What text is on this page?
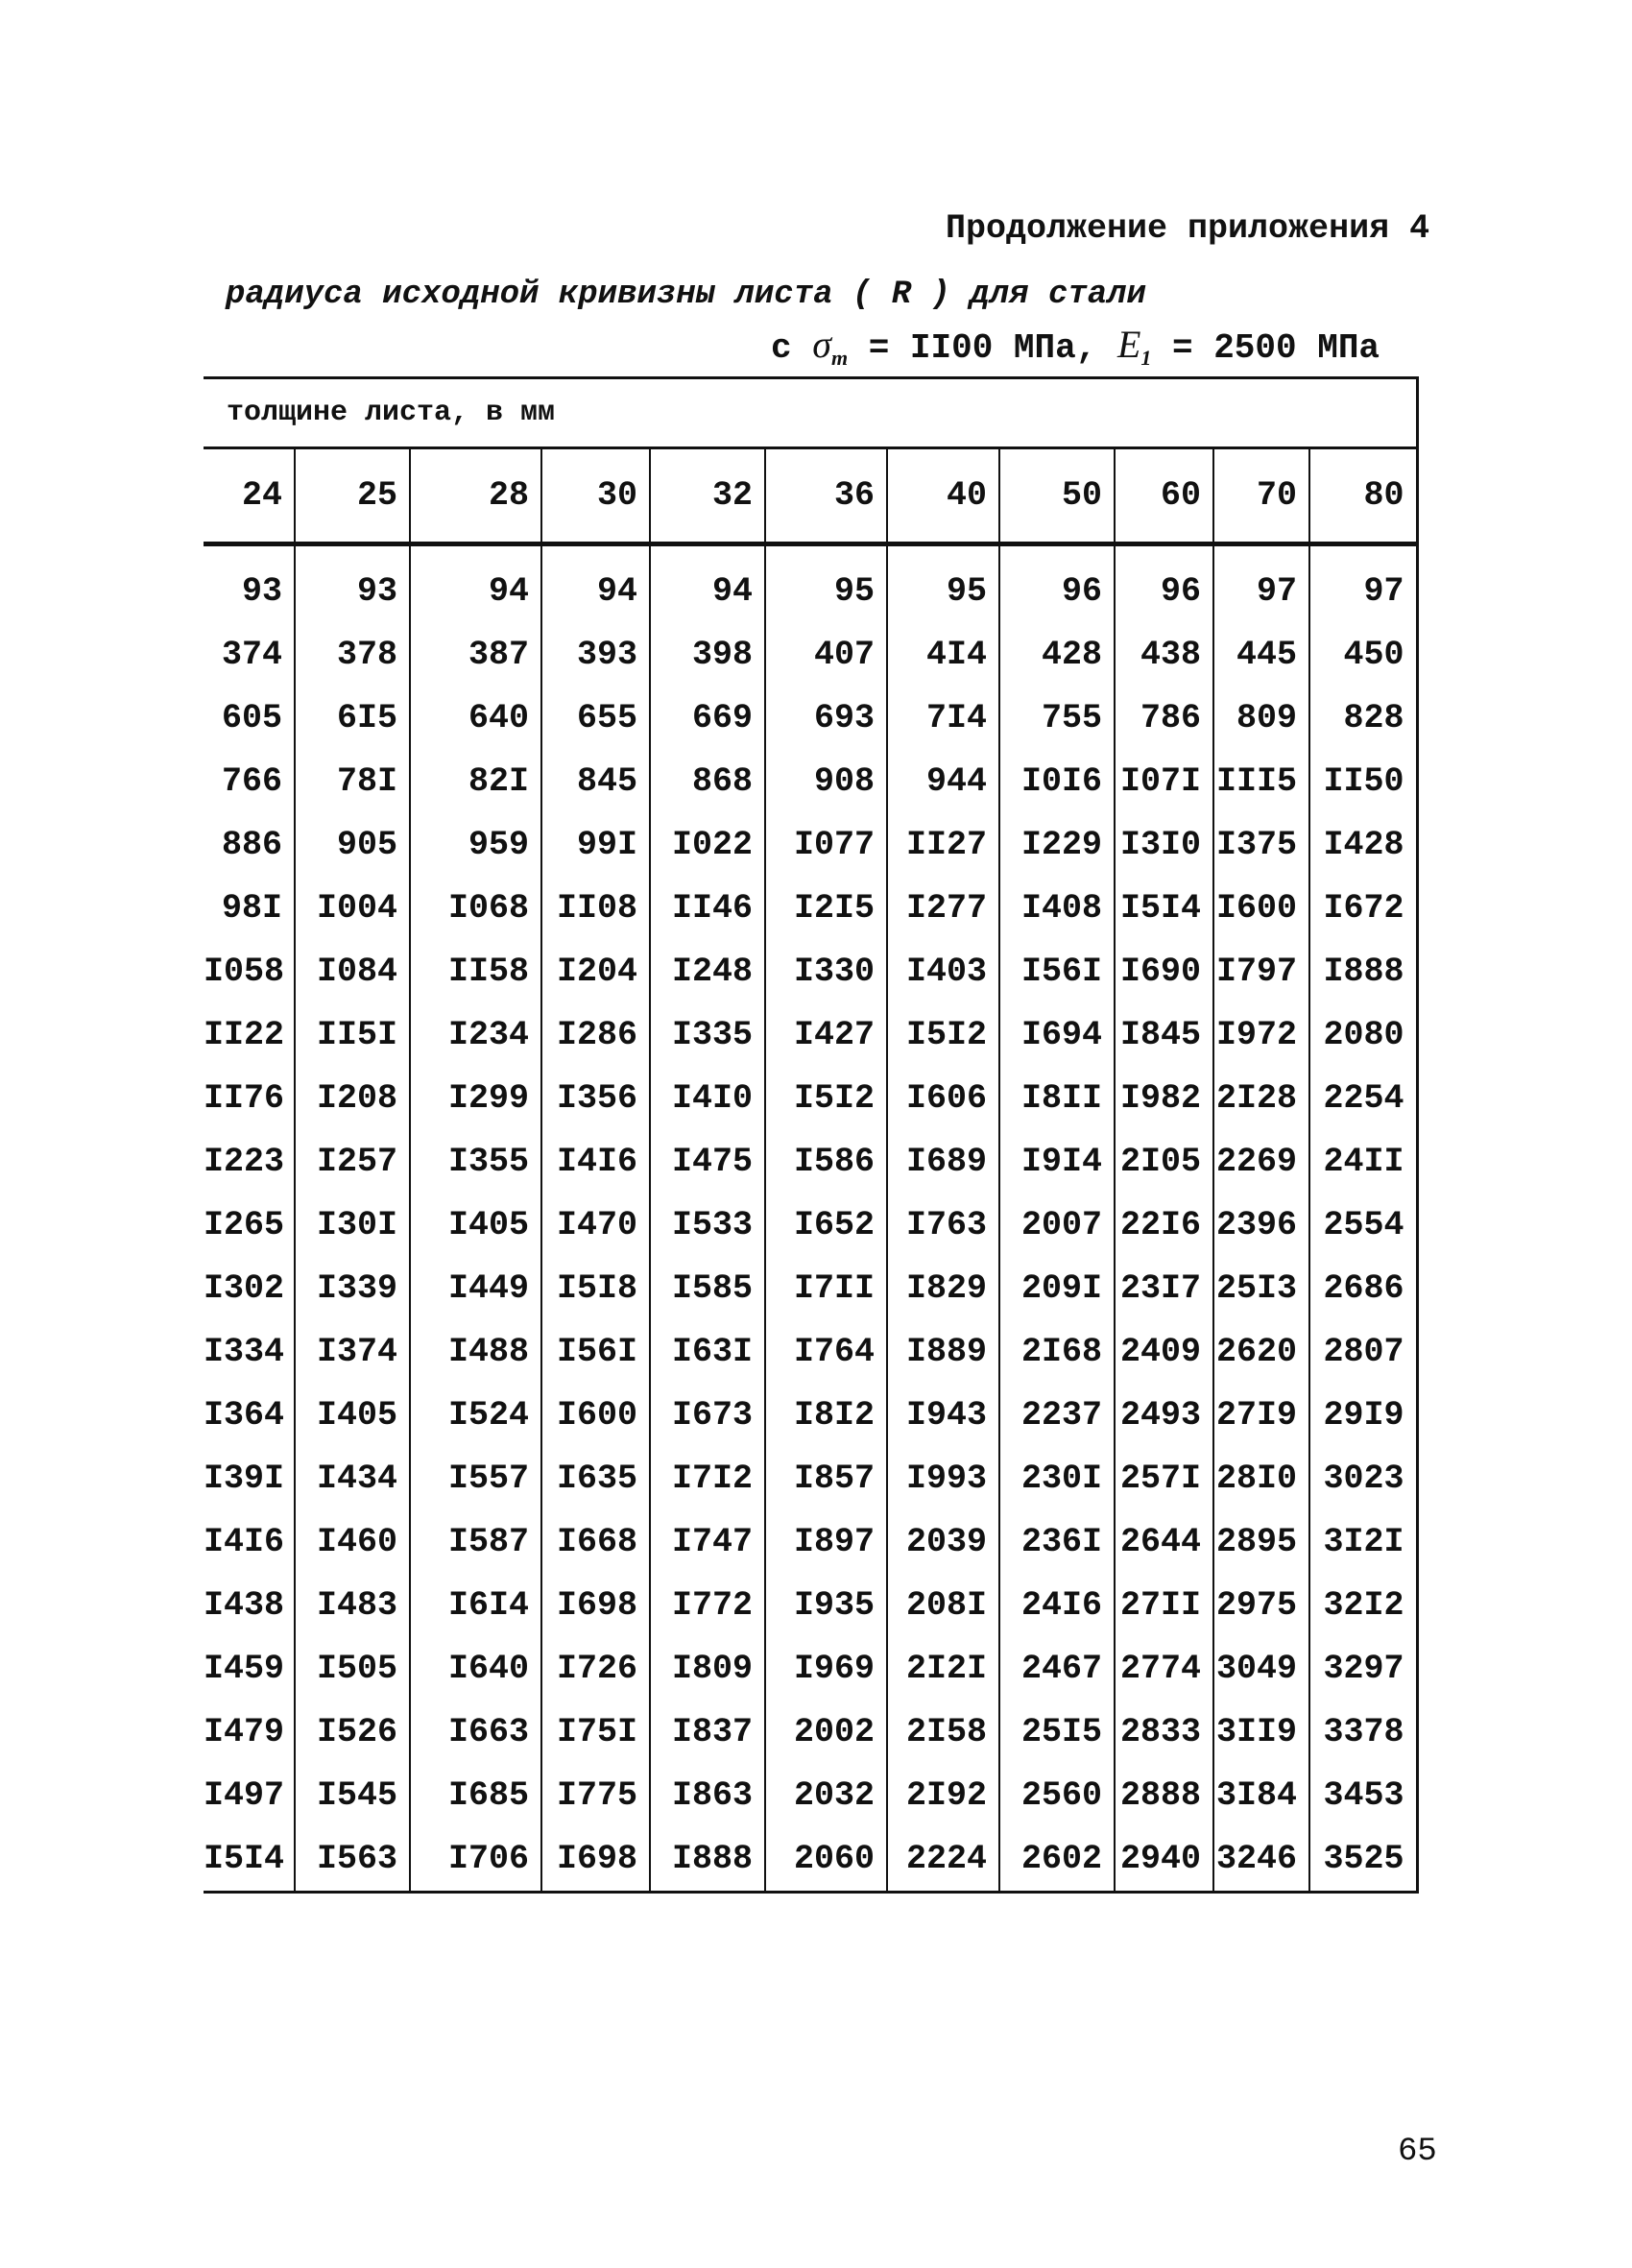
Продолжение приложения 4
радиуса исходной кривизны листа ( R ) для стали
с $\sigma_т = II00$ МПа, $E_1 = 2500$ МПа
толщине листа, в мм										
24	25	28	30	32	36	40	50	60	70	80

93	93	94	94	94	95	95	96	96	97	97
374	378	387	393	398	407	4I4	428	438	445	450
605	6I5	640	655	669	693	7I4	755	786	809	828
766	78I	82I	845	868	908	944	I0I6	I07I	III5	II50
886	905	959	99I	I022	I077	II27	I229	I3I0	I375	I428
98I	I004	I068	II08	II46	I2I5	I277	I408	I5I4	I600	I672
I058	I084	II58	I204	I248	I330	I403	I56I	I690	I797	I888
II22	II5I	I234	I286	I335	I427	I5I2	I694	I845	I972	2080
II76	I208	I299	I356	I4I0	I5I2	I606	I8II	I982	2I28	2254
I223	I257	I355	I4I6	I475	I586	I689	I9I4	2I05	2269	24II
I265	I30I	I405	I470	I533	I652	I763	2007	22I6	2396	2554
I302	I339	I449	I5I8	I585	I7II	I829	209I	23I7	25I3	2686
I334	I374	I488	I56I	I63I	I764	I889	2I68	2409	2620	2807
I364	I405	I524	I600	I673	I8I2	I943	2237	2493	27I9	29I9
I39I	I434	I557	I635	I7I2	I857	I993	230I	257I	28I0	3023
I4I6	I460	I587	I668	I747	I897	2039	236I	2644	2895	3I2I
I438	I483	I6I4	I698	I772	I935	208I	24I6	27II	2975	32I2
I459	I505	I640	I726	I809	I969	2I2I	2467	2774	3049	3297
I479	I526	I663	I75I	I837	2002	2I58	25I5	2833	3II9	3378
I497	I545	I685	I775	I863	2032	2I92	2560	2888	3I84	3453
I5I4	I563	I706	I698	I888	2060	2224	2602	2940	3246	3525
65
